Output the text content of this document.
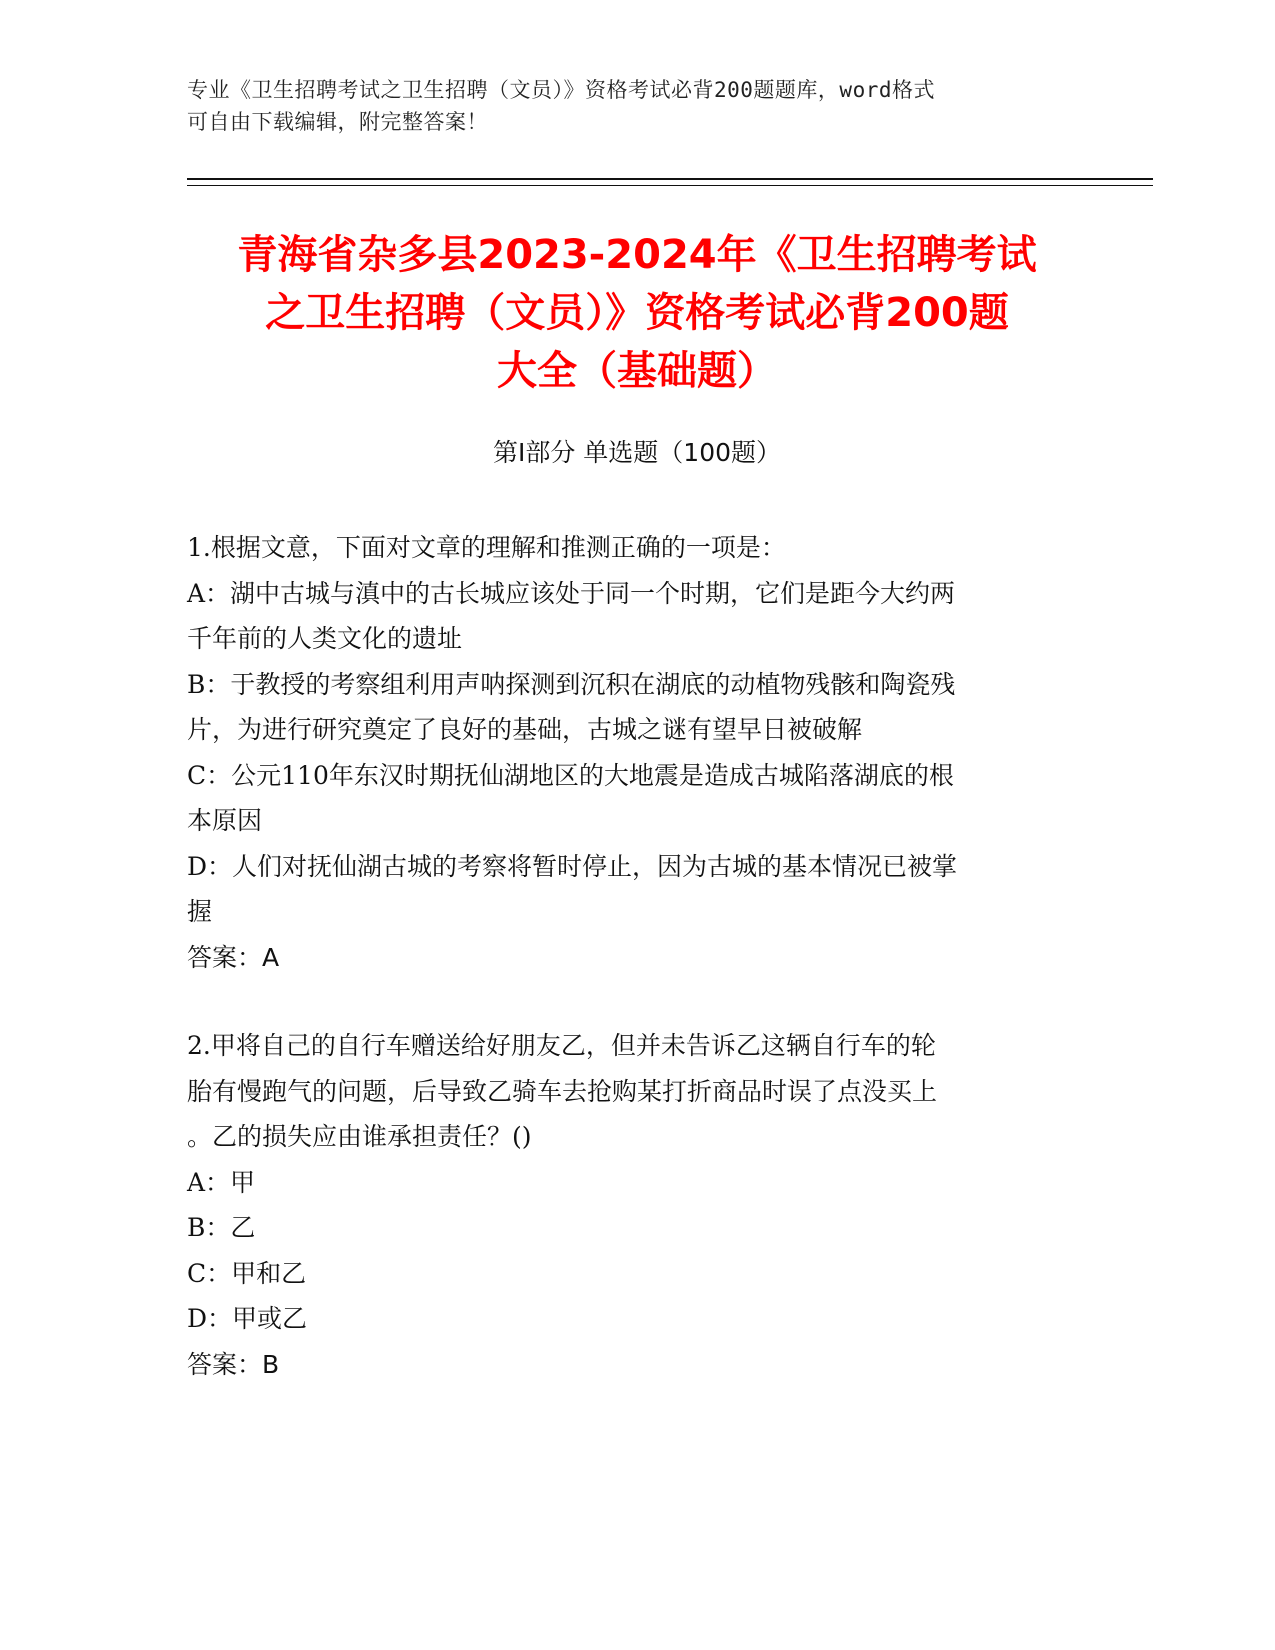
专业《卫生招聘考试之卫生招聘（文员）》资格考试必背200题题库，word格式
可自由下载编辑，附完整答案！
青海省杂多县2023-2024年《卫生招聘考试
之卫生招聘（文员）》资格考试必背200题
大全（基础题）
第I部分 单选题（100题）
1.根据文意，下面对文章的理解和推测正确的一项是：
A：湖中古城与滇中的古长城应该处于同一个时期，它们是距今大约两
千年前的人类文化的遗址
B：于教授的考察组利用声呐探测到沉积在湖底的动植物残骸和陶瓷残
片，为进行研究奠定了良好的基础，古城之谜有望早日被破解
C：公元110年东汉时期抚仙湖地区的大地震是造成古城陷落湖底的根
本原因
D：人们对抚仙湖古城的考察将暂时停止，因为古城的基本情况已被掌
握
答案：A
2.甲将自己的自行车赠送给好朋友乙，但并未告诉乙这辆自行车的轮
胎有慢跑气的问题，后导致乙骑车去抢购某打折商品时误了点没买上
。乙的损失应由谁承担责任？()
A：甲
B：乙
C：甲和乙
D：甲或乙
答案：B
